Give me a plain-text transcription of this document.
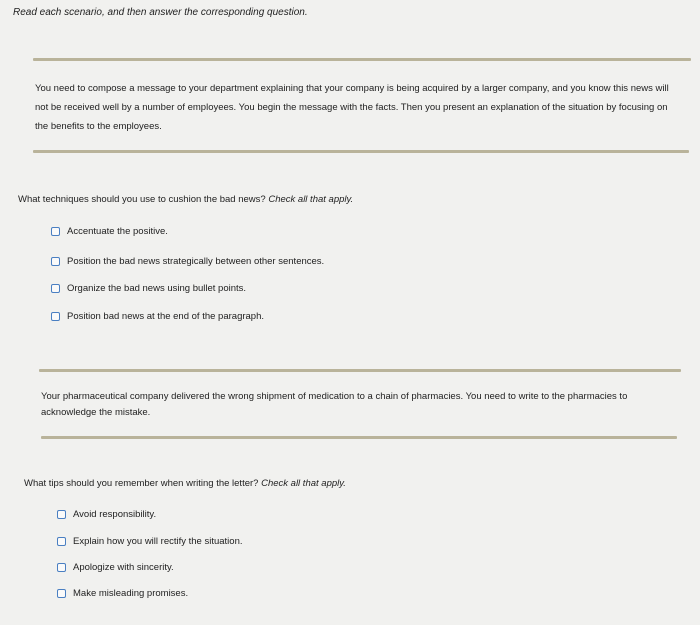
Read each scenario, and then answer the corresponding question.
You need to compose a message to your department explaining that your company is being acquired by a larger company, and you know this news will not be received well by a number of employees. You begin the message with the facts. Then you present an explanation of the situation by focusing on the benefits to the employees.
What techniques should you use to cushion the bad news? Check all that apply.
Accentuate the positive.
Position the bad news strategically between other sentences.
Organize the bad news using bullet points.
Position bad news at the end of the paragraph.
Your pharmaceutical company delivered the wrong shipment of medication to a chain of pharmacies. You need to write to the pharmacies to acknowledge the mistake.
What tips should you remember when writing the letter? Check all that apply.
Avoid responsibility.
Explain how you will rectify the situation.
Apologize with sincerity.
Make misleading promises.
